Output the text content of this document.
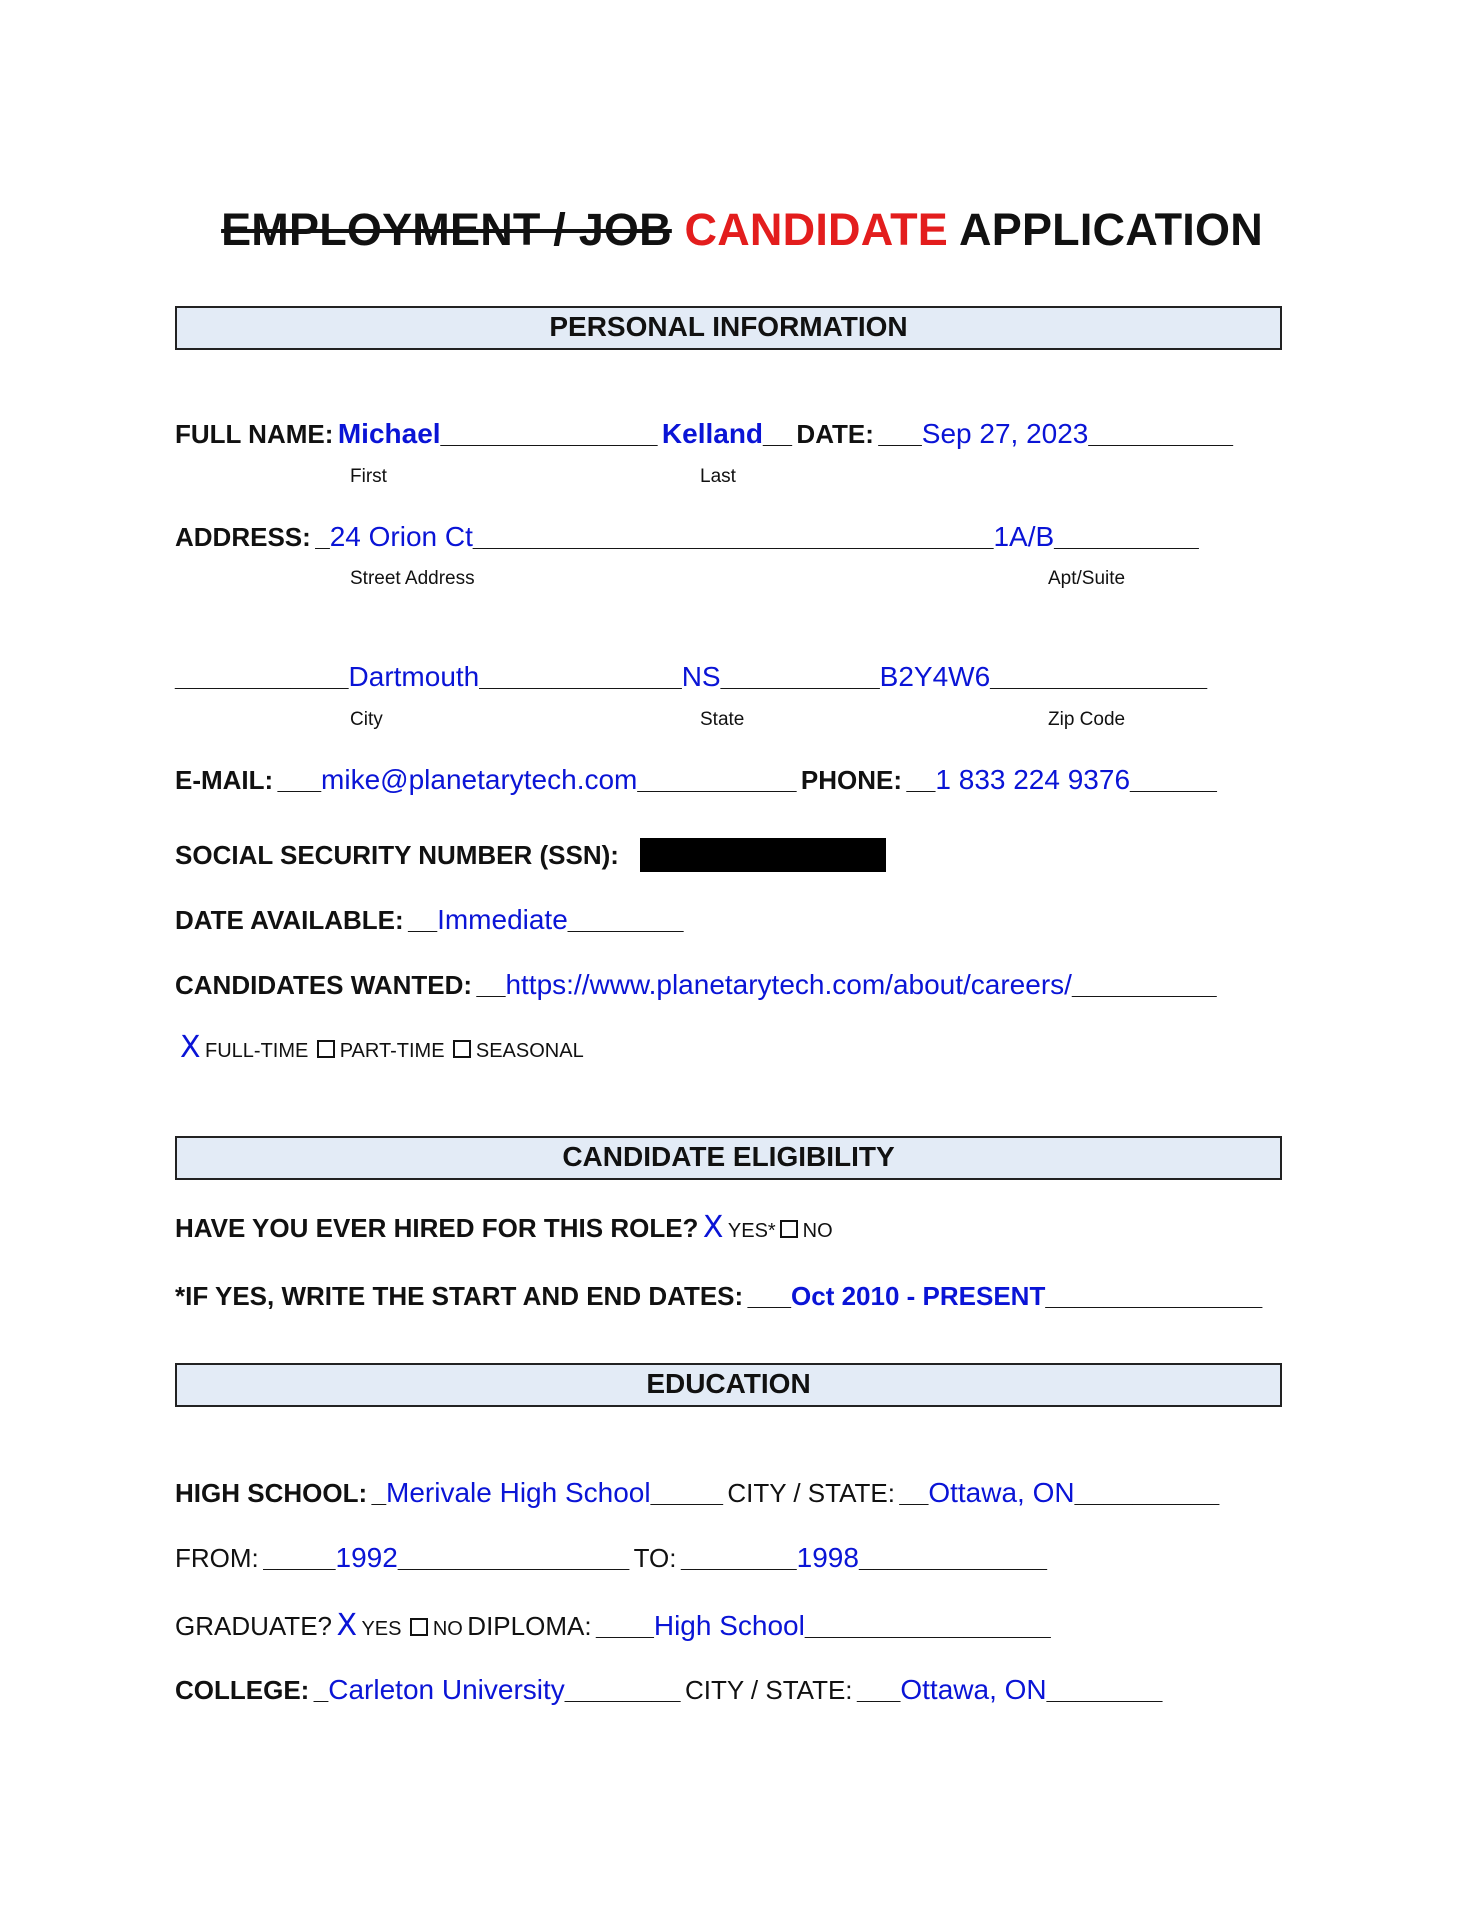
EMPLOYMENT / JOB CANDIDATE APPLICATION
PERSONAL INFORMATION
FULL NAME: Michael_______________ Kelland__ DATE: ___Sep 27, 2023__________
First	Last
ADDRESS: _24 Orion Ct____________________________________1A/B__________
Street Address	Apt/Suite
____________Dartmouth______________NS___________B2Y4W6_______________
City	State	Zip Code
E-MAIL: ___mike@planetarytech.com___________ PHONE: __1 833 224 9376______
SOCIAL SECURITY NUMBER (SSN):
DATE AVAILABLE: __Immediate________
CANDIDATES WANTED: __https://www.planetarytech.com/about/careers/__________
X FULL-TIME PART-TIME SEASONAL
CANDIDATE ELIGIBILITY
HAVE YOU EVER HIRED FOR THIS ROLE? X YES* NO
*IF YES, WRITE THE START AND END DATES: ___Oct 2010 - PRESENT_______________
EDUCATION
HIGH SCHOOL: _Merivale High School_____ CITY / STATE: __Ottawa, ON__________
FROM: _____1992________________ TO: ________1998_____________
GRADUATE? X YES NO DIPLOMA: ____High School_________________
COLLEGE: _Carleton University________ CITY / STATE: ___Ottawa, ON________
